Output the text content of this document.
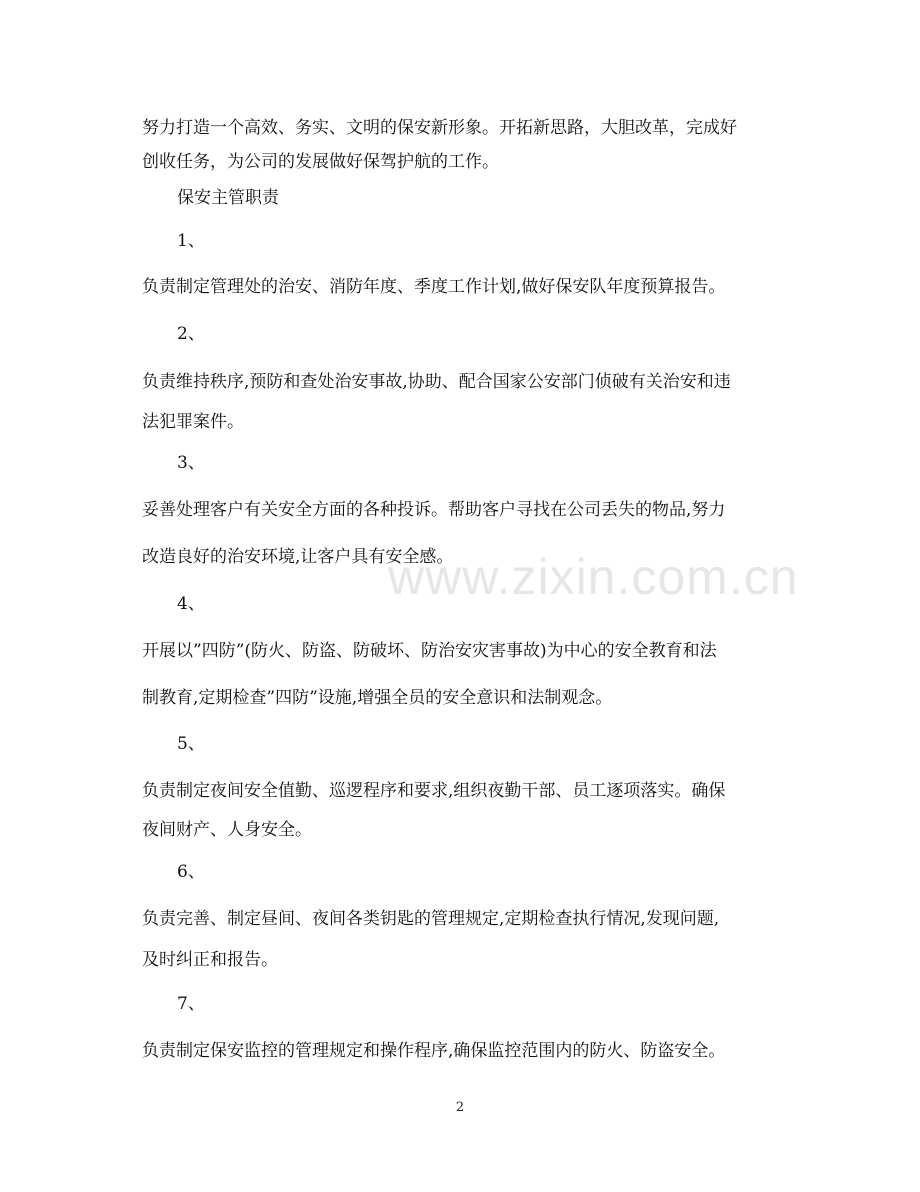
www.zixin.com.cn
努力打造一个高效、务实、文明的保安新形象。开拓新思路，大胆改革，完成好
创收任务，为公司的发展做好保驾护航的工作。
保安主管职责
1、
负责制定管理处的治安、消防年度、季度工作计划,做好保安队年度预算报告。
2、
负责维持秩序,预防和查处治安事故,协助、配合国家公安部门侦破有关治安和违
法犯罪案件。
3、
妥善处理客户有关安全方面的各种投诉。帮助客户寻找在公司丢失的物品,努力
改造良好的治安环境,让客户具有安全感。
4、
开展以”四防”(防火、防盗、防破坏、防治安灾害事故)为中心的安全教育和法
制教育,定期检查”四防”设施,增强全员的安全意识和法制观念。
5、
负责制定夜间安全值勤、巡逻程序和要求,组织夜勤干部、员工逐项落实。确保
夜间财产、人身安全。
6、
负责完善、制定昼间、夜间各类钥匙的管理规定,定期检查执行情况,发现问题,
及时纠正和报告。
7、
负责制定保安监控的管理规定和操作程序,确保监控范围内的防火、防盗安全。
2
